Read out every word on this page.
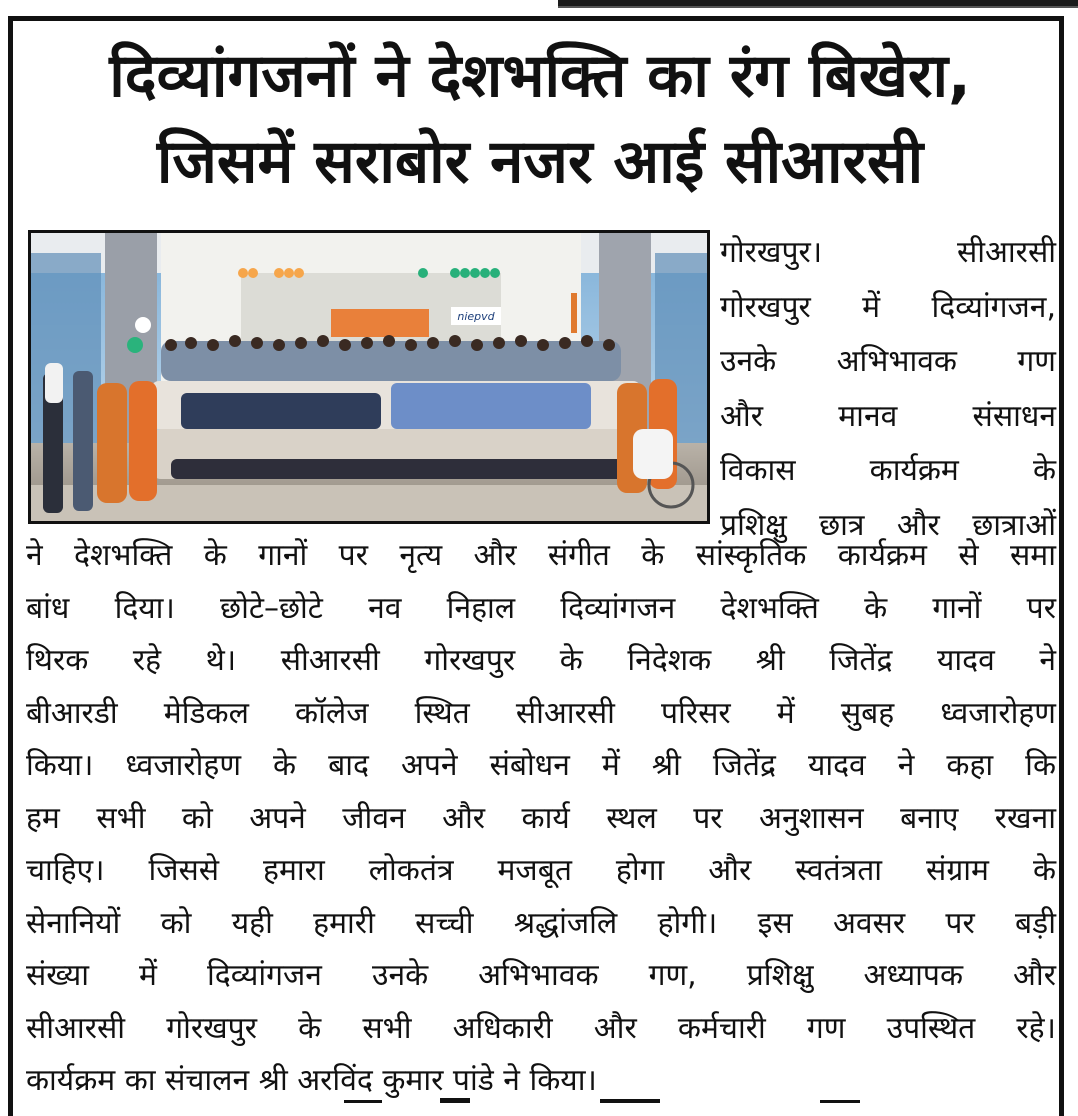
दिव्यांगजनों ने देशभक्ति का रंग बिखेरा,
जिसमें सराबोर नजर आई सीआरसी
niepvd
गोरखपुर। सीआरसी
गोरखपुर में दिव्यांगजन,
उनके अभिभावक गण
और मानव संसाधन
विकास कार्यक्रम के
प्रशिक्षु छात्र और छात्राओं
ने देशभक्ति के गानों पर नृत्य और संगीत के सांस्कृतिक कार्यक्रम से समा
बांध दिया। छोटे–छोटे नव निहाल दिव्यांगजन देशभक्ति के गानों पर
थिरक रहे थे। सीआरसी गोरखपुर के निदेशक श्री जितेंद्र यादव ने
बीआरडी मेडिकल कॉलेज स्थित सीआरसी परिसर में सुबह ध्वजारोहण
किया। ध्वजारोहण के बाद अपने संबोधन में श्री जितेंद्र यादव ने कहा कि
हम सभी को अपने जीवन और कार्य स्थल पर अनुशासन बनाए रखना
चाहिए। जिससे हमारा लोकतंत्र मजबूत होगा और स्वतंत्रता संग्राम के
सेनानियों को यही हमारी सच्ची श्रद्धांजलि होगी। इस अवसर पर बड़ी
संख्या में दिव्यांगजन उनके अभिभावक गण, प्रशिक्षु अध्यापक और
सीआरसी गोरखपुर के सभी अधिकारी और कर्मचारी गण उपस्थित रहे।
कार्यक्रम का संचालन श्री अरविंद कुमार पांडे ने किया।
